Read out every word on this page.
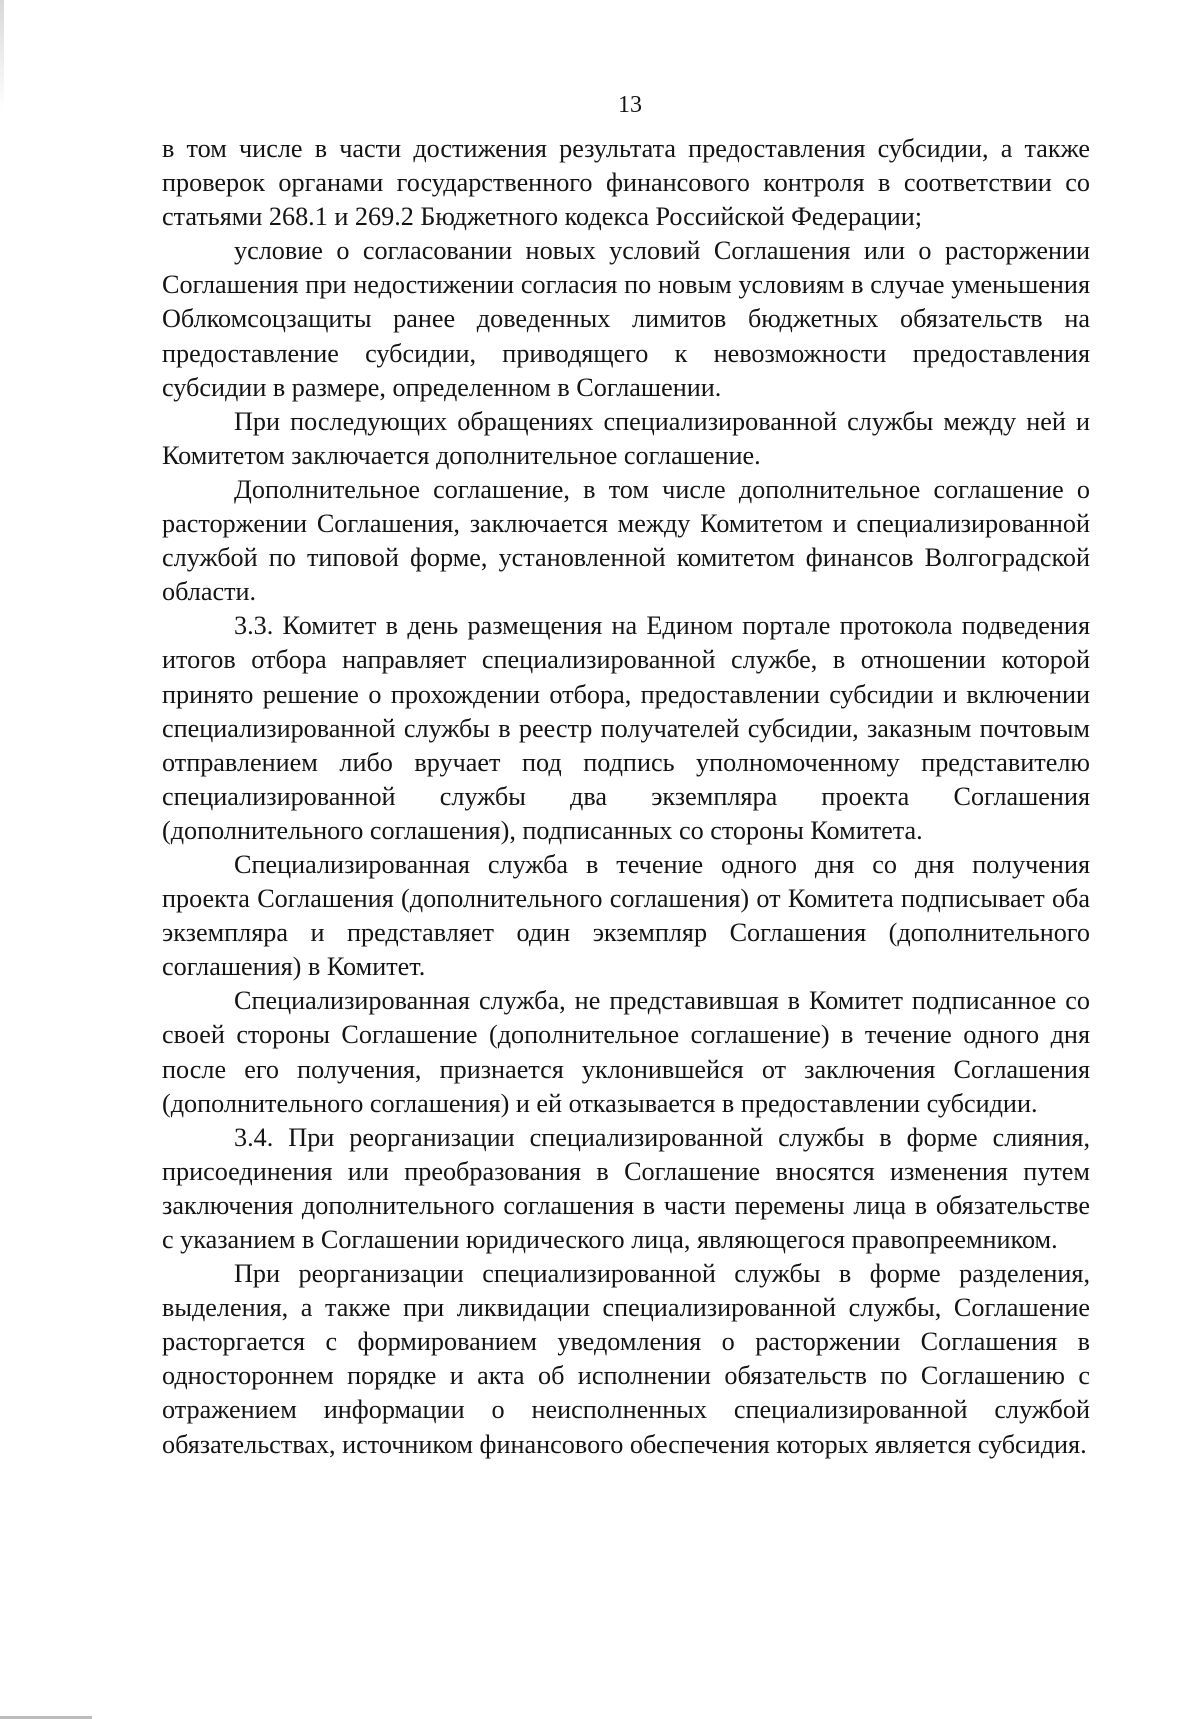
13

в том числе в части достижения результата предоставления субсидии, а также проверок органами государственного финансового контроля в соответствии со статьями 268.1 и 269.2 Бюджетного кодекса Российской Федерации;

условие о согласовании новых условий Соглашения или о расторжении Соглашения при недостижении согласия по новым условиям в случае уменьшения Облкомсоцзащиты ранее доведенных лимитов бюджетных обязательств на предоставление субсидии, приводящего к невозможности предоставления субсидии в размере, определенном в Соглашении.

При последующих обращениях специализированной службы между ней и Комитетом заключается дополнительное соглашение.

Дополнительное соглашение, в том числе дополнительное соглашение о расторжении Соглашения, заключается между Комитетом и специализированной службой по типовой форме, установленной комитетом финансов Волгоградской области.

3.3. Комитет в день размещения на Едином портале протокола подведения итогов отбора направляет специализированной службе, в отношении которой принято решение о прохождении отбора, предоставлении субсидии и включении специализированной службы в реестр получателей субсидии, заказным почтовым отправлением либо вручает под подпись уполномоченному представителю специализированной службы два экземпляра проекта Соглашения (дополнительного соглашения), подписанных со стороны Комитета.

Специализированная служба в течение одного дня со дня получения проекта Соглашения (дополнительного соглашения) от Комитета подписывает оба экземпляра и представляет один экземпляр Соглашения (дополнительного соглашения) в Комитет.

Специализированная служба, не представившая в Комитет подписанное со своей стороны Соглашение (дополнительное соглашение) в течение одного дня после его получения, признается уклонившейся от заключения Соглашения (дополнительного соглашения) и ей отказывается в предоставлении субсидии.

3.4. При реорганизации специализированной службы в форме слияния, присоединения или преобразования в Соглашение вносятся изменения путем заключения дополнительного соглашения в части перемены лица в обязательстве с указанием в Соглашении юридического лица, являющегося правопреемником.

При реорганизации специализированной службы в форме разделения, выделения, а также при ликвидации специализированной службы, Соглашение расторгается с формированием уведомления о расторжении Соглашения в одностороннем порядке и акта об исполнении обязательств по Соглашению с отражением информации о неисполненных специализированной службой обязательствах, источником финансового обеспечения которых является субсидия.
